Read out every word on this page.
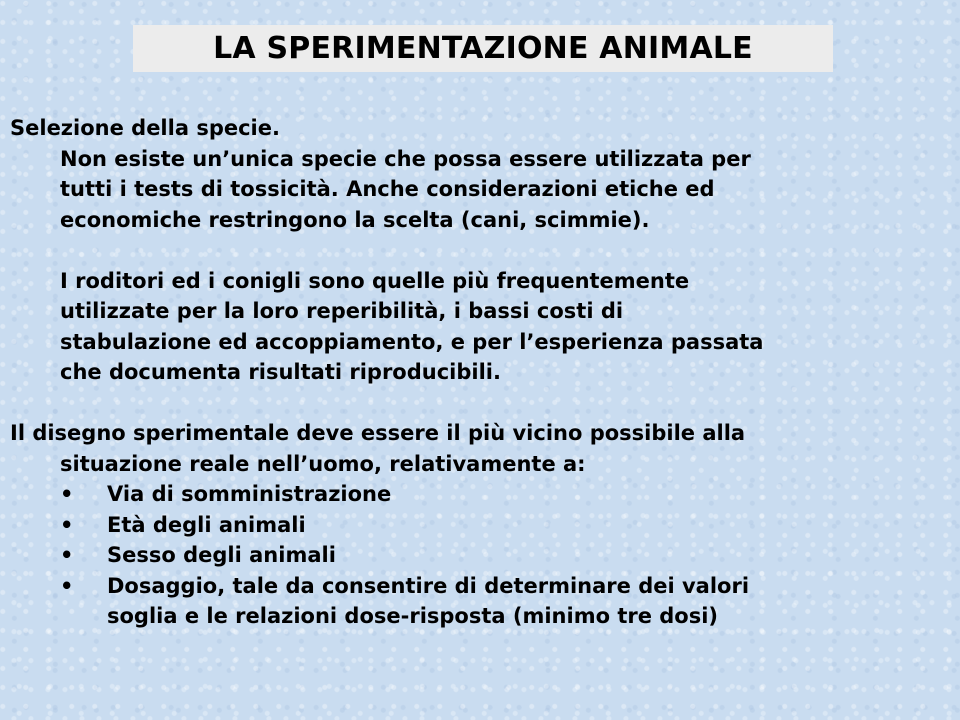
LA SPERIMENTAZIONE ANIMALE
Selezione della specie.
Non esiste un’unica specie che possa essere utilizzata per
tutti i tests di tossicità. Anche considerazioni etiche ed
economiche restringono la scelta (cani, scimmie).
I roditori ed i conigli sono quelle più frequentemente
utilizzate per la loro reperibilità, i bassi costi di
stabulazione ed accoppiamento, e per l’esperienza passata
che documenta risultati riproducibili.
Il disegno sperimentale deve essere il più vicino possibile alla
situazione reale nell’uomo, relativamente a:
• Via di somministrazione
• Età degli animali
• Sesso degli animali
• Dosaggio, tale da consentire di determinare dei valori
soglia e le relazioni dose-risposta (minimo tre dosi)
